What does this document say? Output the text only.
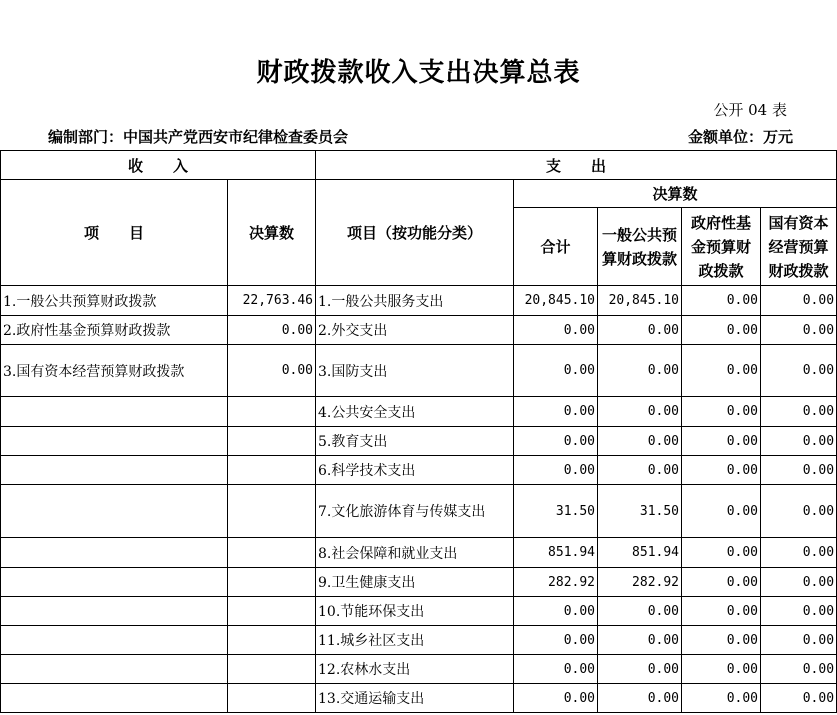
财政拨款收入支出决算总表
公开 04 表
编制部门：中国共产党西安市纪律检查委员会	金额单位：万元
收　　入		支　　出				
项　　目	决算数	项目（按功能分类）	决算数			
			合计	一般公共预算财政拨款	政府性基金预算财政拨款	国有资本经营预算财政拨款
1.一般公共预算财政拨款	22,763.46	1.一般公共服务支出	20,845.10	20,845.10	0.00	0.00
2.政府性基金预算财政拨款	0.00	2.外交支出	0.00	0.00	0.00	0.00
3.国有资本经营预算财政拨款	0.00	3.国防支出	0.00	0.00	0.00	0.00
		4.公共安全支出	0.00	0.00	0.00	0.00
		5.教育支出	0.00	0.00	0.00	0.00
		6.科学技术支出	0.00	0.00	0.00	0.00
		7.文化旅游体育与传媒支出	31.50	31.50	0.00	0.00
		8.社会保障和就业支出	851.94	851.94	0.00	0.00
		9.卫生健康支出	282.92	282.92	0.00	0.00
		10.节能环保支出	0.00	0.00	0.00	0.00
		11.城乡社区支出	0.00	0.00	0.00	0.00
		12.农林水支出	0.00	0.00	0.00	0.00
		13.交通运输支出	0.00	0.00	0.00	0.00
